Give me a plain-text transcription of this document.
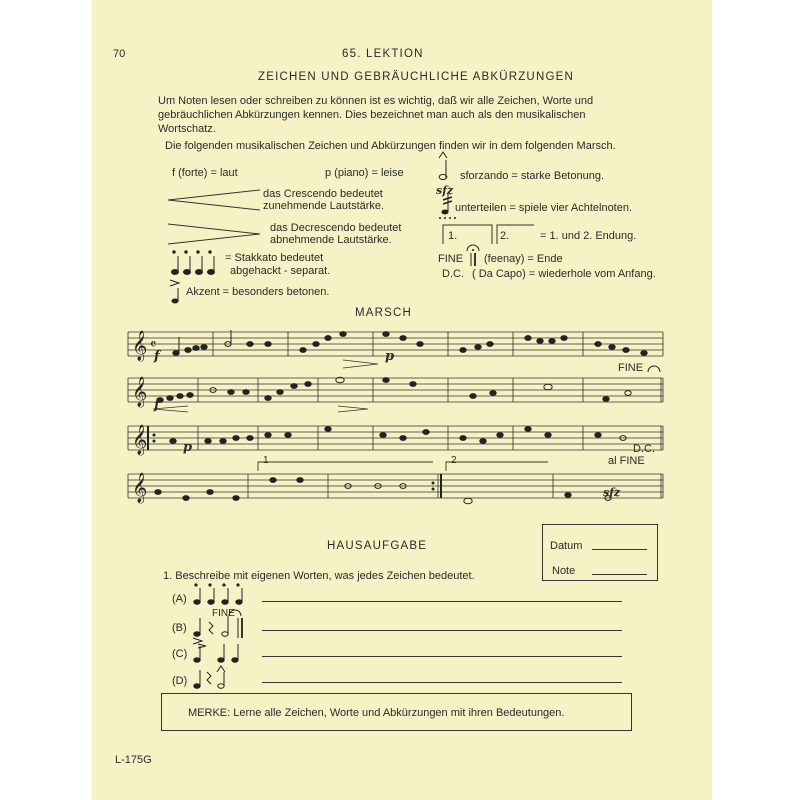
70	65. LEKTION
ZEICHEN UND GEBRÄUCHLICHE ABKÜRZUNGEN
Um Noten lesen oder schreiben zu können ist es wichtig, daß wir alle Zeichen, Worte und
gebräuchlichen Abkürzungen kennen. Dies bezeichnet man auch als den musikalischen
Wortschatz.
Die folgenden musikalischen Zeichen und Abkürzungen finden wir in dem folgenden Marsch.
f (forte) = laut	p (piano) = leise
das Crescendo bedeutet
zunehmende Lautstärke.
das Decrescendo bedeutet
abnehmende Lautstärke.
= Stakkato bedeutet
abgehackt - separat.
Akzent = besonders betonen.
sfz
sforzando = starke Betonung.
unterteilen = spiele vier Achtelnoten.
1.	2.	= 1. und 2. Endung.
FINE (feenay) = Ende
D.C. ( Da Capo) = wiederhole vom Anfang.
MARSCH
𝄞 𝄴
𝄞
𝄞
𝄞
f	p
f
p
FINE
1	2
D.C.
al FINE
sfz
HAUSAUFGABE	Datum
Note
1. Beschreibe mit eigenen Worten, was jedes Zeichen bedeutet.
(A)
(B)
FINE
(C)
(D)
MERKE: Lerne alle Zeichen, Worte und Abkürzungen mit ihren Bedeutungen.
L-175G
